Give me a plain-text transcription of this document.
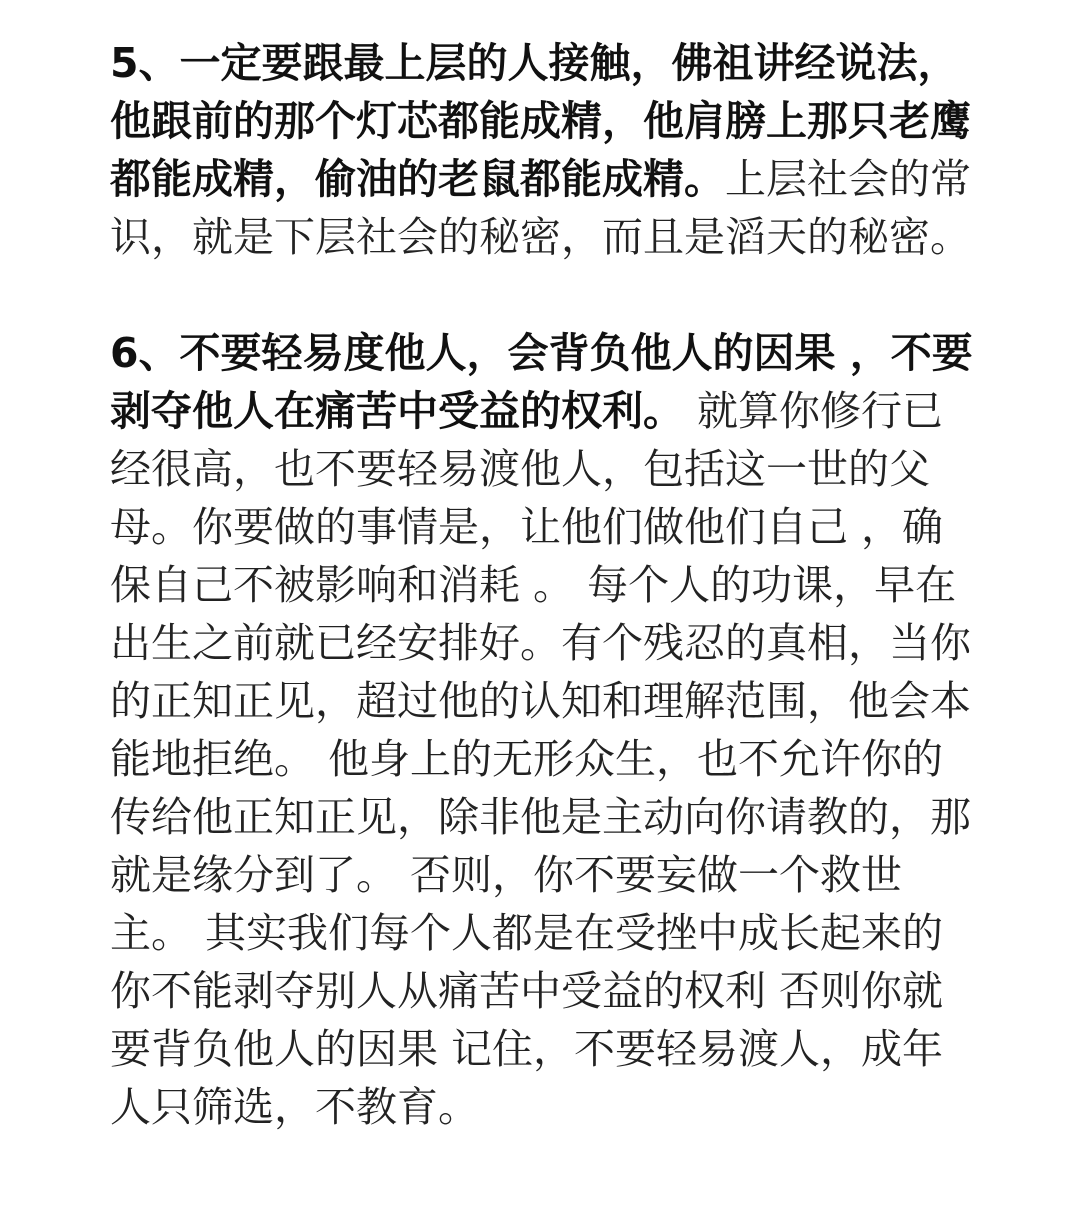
5、一定要跟最上层的人接触，佛祖讲经说法，
他跟前的那个灯芯都能成精，他肩膀上那只老鹰
都能成精，偷油的老鼠都能成精。上层社会的常
识，就是下层社会的秘密，而且是滔天的秘密。

6、不要轻易度他人，会背负他人的因果 ，不要
剥夺他人在痛苦中受益的权利。 就算你修行已
经很高，也不要轻易渡他人，包括这一世的父
母。你要做的事情是，让他们做他们自己 ，确
保自己不被影响和消耗 。 每个人的功课，早在
出生之前就已经安排好。有个残忍的真相，当你
的正知正见，超过他的认知和理解范围，他会本
能地拒绝。 他身上的无形众生，也不允许你的
传给他正知正见，除非他是主动向你请教的，那
就是缘分到了。 否则，你不要妄做一个救世
主。 其实我们每个人都是在受挫中成长起来的
你不能剥夺别人从痛苦中受益的权利 否则你就
要背负他人的因果 记住，不要轻易渡人，成年
人只筛选，不教育。
